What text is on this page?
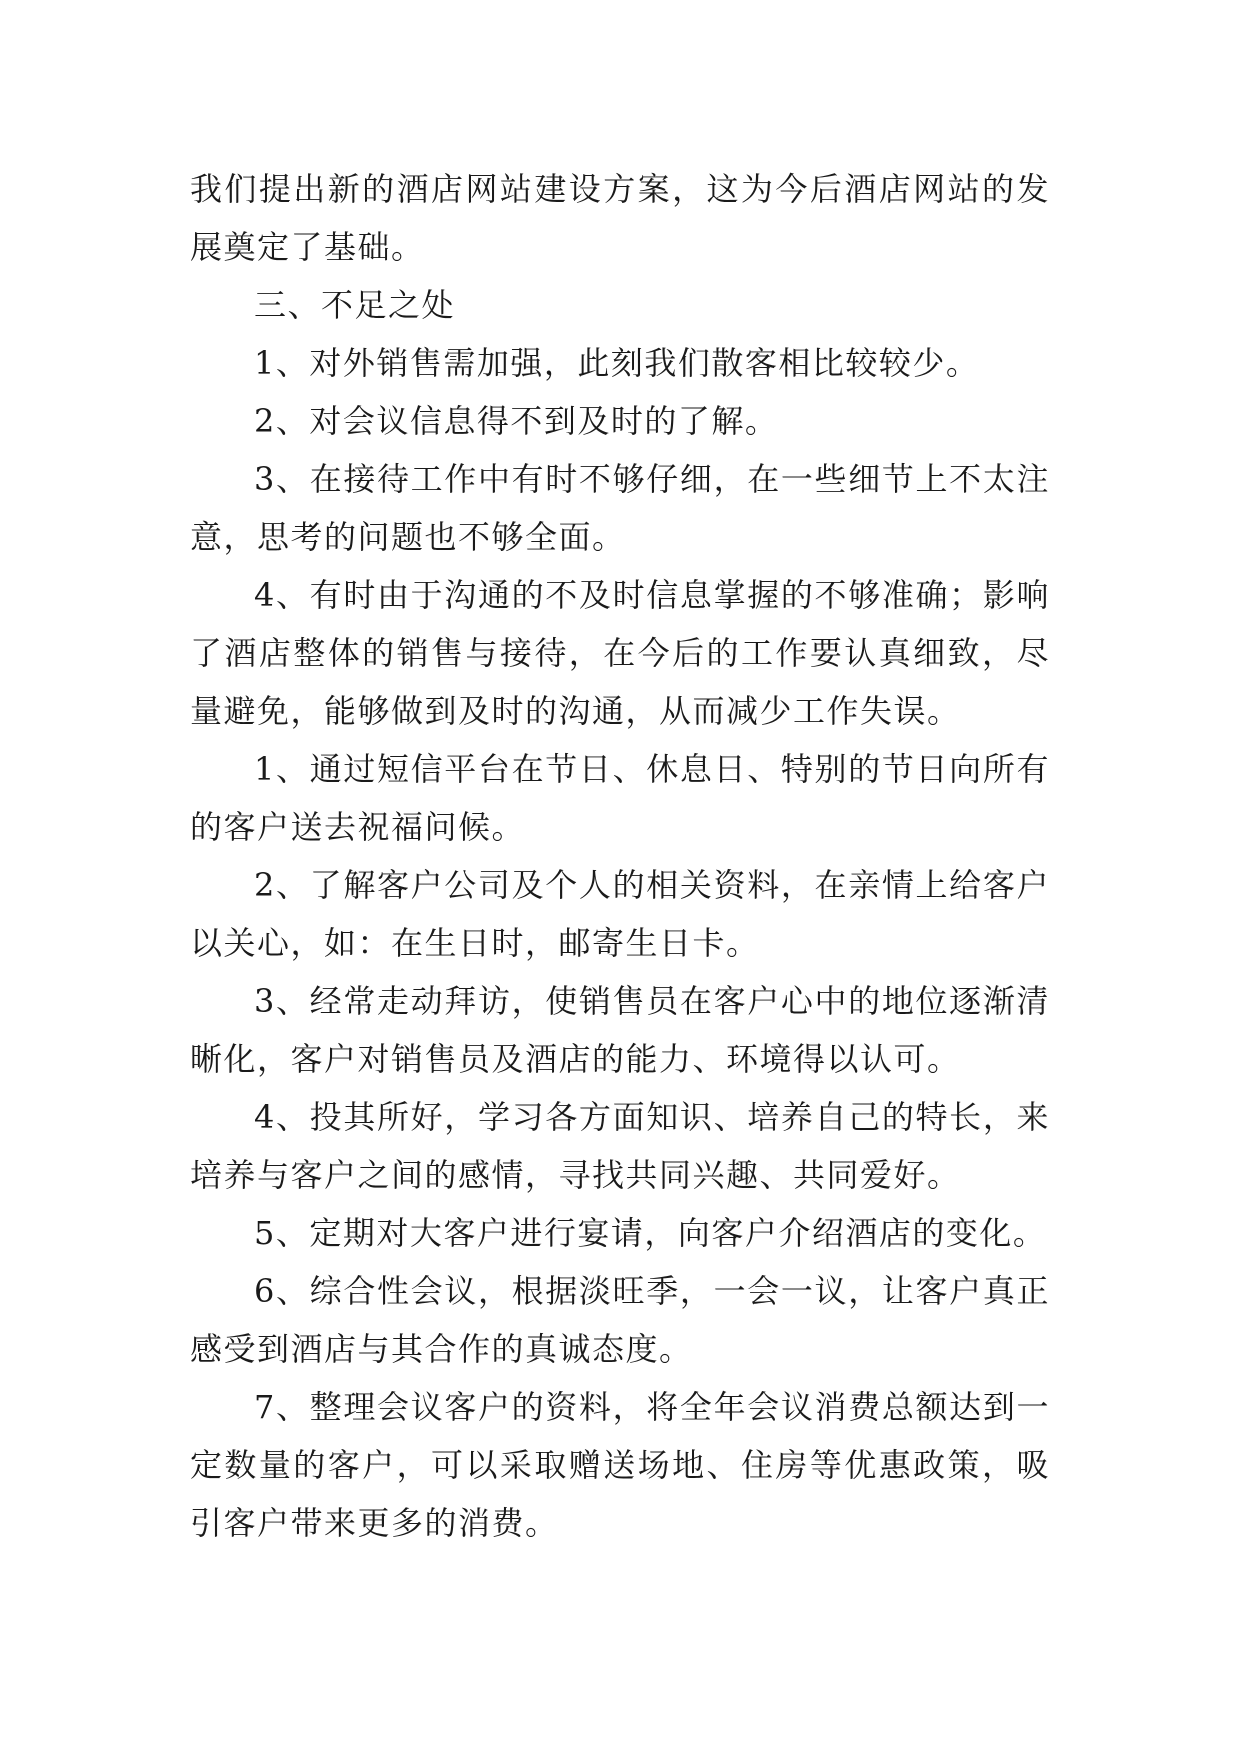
我们提出新的酒店网站建设方案，这为今后酒店网站的发展奠定了基础。

三、不足之处

1、对外销售需加强，此刻我们散客相比较较少。

2、对会议信息得不到及时的了解。

3、在接待工作中有时不够仔细，在一些细节上不太注意，思考的问题也不够全面。

4、有时由于沟通的不及时信息掌握的不够准确；影响了酒店整体的销售与接待，在今后的工作要认真细致，尽量避免，能够做到及时的沟通，从而减少工作失误。

1、通过短信平台在节日、休息日、特别的节日向所有的客户送去祝福问候。

2、了解客户公司及个人的相关资料，在亲情上给客户以关心，如：在生日时，邮寄生日卡。

3、经常走动拜访，使销售员在客户心中的地位逐渐清晰化，客户对销售员及酒店的能力、环境得以认可。

4、投其所好，学习各方面知识、培养自己的特长，来培养与客户之间的感情，寻找共同兴趣、共同爱好。

5、定期对大客户进行宴请，向客户介绍酒店的变化。

6、综合性会议，根据淡旺季，一会一议，让客户真正感受到酒店与其合作的真诚态度。

7、整理会议客户的资料，将全年会议消费总额达到一定数量的客户，可以采取赠送场地、住房等优惠政策，吸引客户带来更多的消费。
